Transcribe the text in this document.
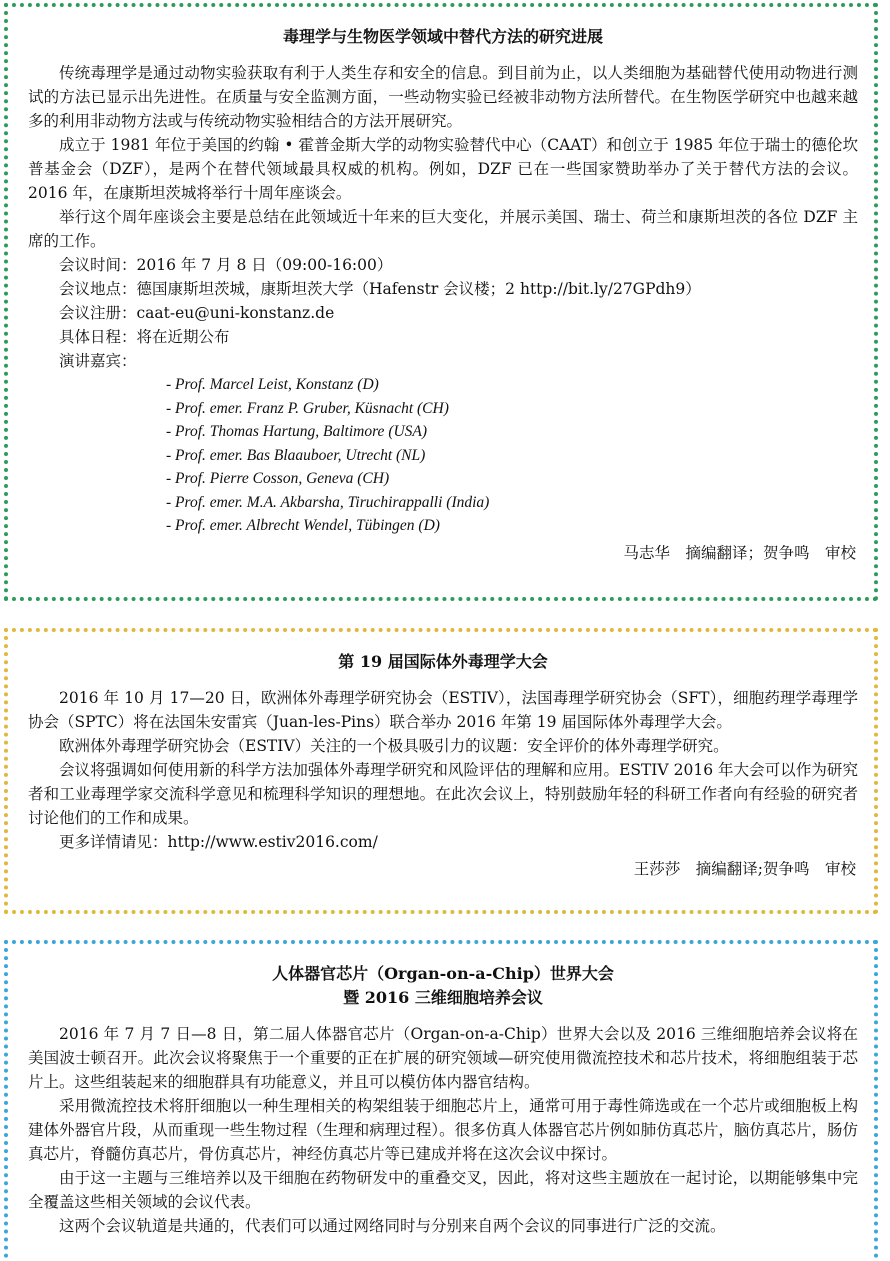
毒理学与生物医学领域中替代方法的研究进展

传统毒理学是通过动物实验获取有利于人类生存和安全的信息。到目前为止，以人类细胞为基础替代使用动物进行测试的方法已显示出先进性。在质量与安全监测方面，一些动物实验已经被非动物方法所替代。在生物医学研究中也越来越多的利用非动物方法或与传统动物实验相结合的方法开展研究。

成立于 1981 年位于美国的约翰 • 霍普金斯大学的动物实验替代中心（CAAT）和创立于 1985 年位于瑞士的德伦坎普基金会（DZF），是两个在替代领域最具权威的机构。例如，DZF 已在一些国家赞助举办了关于替代方法的会议。2016 年，在康斯坦茨城将举行十周年座谈会。

举行这个周年座谈会主要是总结在此领域近十年来的巨大变化，并展示美国、瑞士、荷兰和康斯坦茨的各位 DZF 主席的工作。

会议时间：2016 年 7 月 8 日（09:00-16:00）
会议地点：德国康斯坦茨城，康斯坦茨大学（Hafenstr 会议楼；2 http://bit.ly/27GPdh9）
会议注册：caat-eu@uni-konstanz.de
具体日程：将在近期公布
演讲嘉宾：
- Prof. Marcel Leist, Konstanz (D)
- Prof. emer. Franz P. Gruber, Küsnacht (CH)
- Prof. Thomas Hartung, Baltimore (USA)
- Prof. emer. Bas Blaauboer, Utrecht (NL)
- Prof. Pierre Cosson, Geneva (CH)
- Prof. emer. M.A. Akbarsha, Tiruchirappalli (India)
- Prof. emer. Albrecht Wendel, Tübingen (D)
马志华　摘编翻译；贺争鸣　审校
第 19 届国际体外毒理学大会

2016 年 10 月 17—20 日，欧洲体外毒理学研究协会（ESTIV），法国毒理学研究协会（SFT），细胞药理学毒理学协会（SPTC）将在法国朱安雷宾（Juan-les-Pins）联合举办 2016 年第 19 届国际体外毒理学大会。

欧洲体外毒理学研究协会（ESTIV）关注的一个极具吸引力的议题：安全评价的体外毒理学研究。

会议将强调如何使用新的科学方法加强体外毒理学研究和风险评估的理解和应用。ESTIV 2016 年大会可以作为研究者和工业毒理学家交流科学意见和梳理科学知识的理想地。在此次会议上，特别鼓励年轻的科研工作者向有经验的研究者讨论他们的工作和成果。

更多详情请见：http://www.estiv2016.com/

王莎莎　摘编翻译;贺争鸣　审校
人体器官芯片（Organ-on-a-Chip）世界大会
暨 2016 三维细胞培养会议

2016 年 7 月 7 日—8 日，第二届人体器官芯片（Organ-on-a-Chip）世界大会以及 2016 三维细胞培养会议将在美国波士顿召开。此次会议将聚焦于一个重要的正在扩展的研究领域—研究使用微流控技术和芯片技术，将细胞组装于芯片上。这些组装起来的细胞群具有功能意义，并且可以模仿体内器官结构。

采用微流控技术将肝细胞以一种生理相关的构架组装于细胞芯片上，通常可用于毒性筛选或在一个芯片或细胞板上构建体外器官片段，从而重现一些生物过程（生理和病理过程）。很多仿真人体器官芯片例如肺仿真芯片，脑仿真芯片，肠仿真芯片，脊髓仿真芯片，骨仿真芯片，神经仿真芯片等已建成并将在这次会议中探讨。

由于这一主题与三维培养以及干细胞在药物研发中的重叠交叉，因此，将对这些主题放在一起讨论，以期能够集中完全覆盖这些相关领域的会议代表。

这两个会议轨道是共通的，代表们可以通过网络同时与分别来自两个会议的同事进行广泛的交流。
